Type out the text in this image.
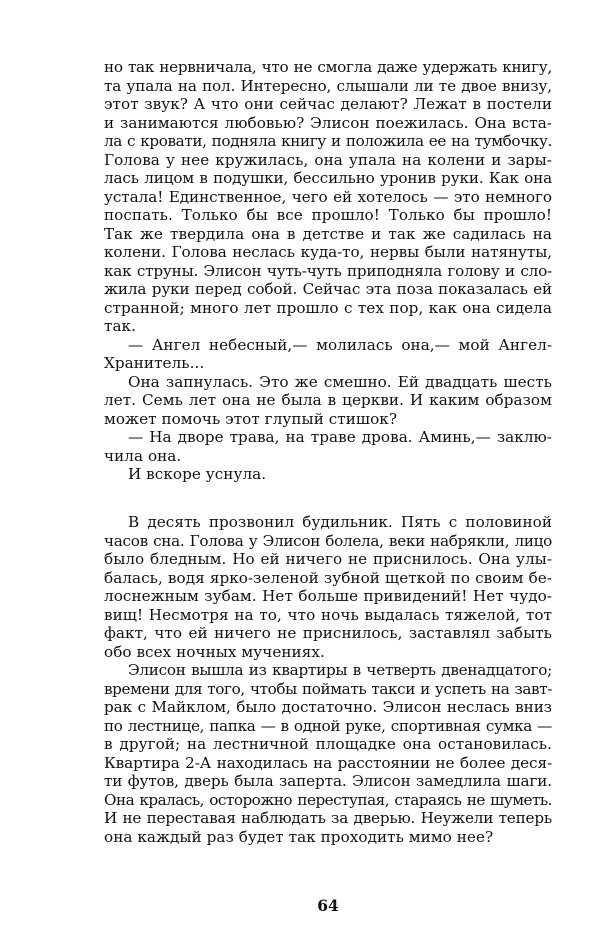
но так нервничала, что не смогла даже удержать книгу,
та упала на пол. Интересно, слышали ли те двое внизу,
этот звук? А что они сейчас делают? Лежат в постели
и занимаются любовью? Элисон поежилась. Она вста-
ла с кровати, подняла книгу и положила ее на тумбочку.
Голова у нее кружилась, она упала на колени и зары-
лась лицом в подушки, бессильно уронив руки. Как она
устала! Единственное, чего ей хотелось — это немного
поспать. Только бы все прошло! Только бы прошло!
Так же твердила она в детстве и так же садилась на
колени. Голова неслась куда-то, нервы были натянуты,
как струны. Элисон чуть-чуть приподняла голову и сло-
жила руки перед собой. Сейчас эта поза показалась ей
странной; много лет прошло с тех пор, как она сидела
так.
— Ангел небесный,— молилась она,— мой Ангел-
Хранитель...
Она запнулась. Это же смешно. Ей двадцать шесть
лет. Семь лет она не была в церкви. И каким образом
может помочь этот глупый стишок?
— На дворе трава, на траве дрова. Аминь,— заклю-
чила она.
И вскоре уснула.
В десять прозвонил будильник. Пять с половиной
часов сна. Голова у Элисон болела, веки набрякли, лицо
было бледным. Но ей ничего не приснилось. Она улы-
балась, водя ярко-зеленой зубной щеткой по своим бе-
лоснежным зубам. Нет больше привидений! Нет чудо-
вищ! Несмотря на то, что ночь выдалась тяжелой, тот
факт, что ей ничего не приснилось, заставлял забыть
обо всех ночных мучениях.
Элисон вышла из квартиры в четверть двенадцатого;
времени для того, чтобы поймать такси и успеть на завт-
рак с Майклом, было достаточно. Элисон неслась вниз
по лестнице, папка — в одной руке, спортивная сумка —
в другой; на лестничной площадке она остановилась.
Квартира 2-А находилась на расстоянии не более деся-
ти футов, дверь была заперта. Элисон замедлила шаги.
Она кралась, осторожно переступая, стараясь не шуметь.
И не переставая наблюдать за дверью. Неужели теперь
она каждый раз будет так проходить мимо нее?
64
